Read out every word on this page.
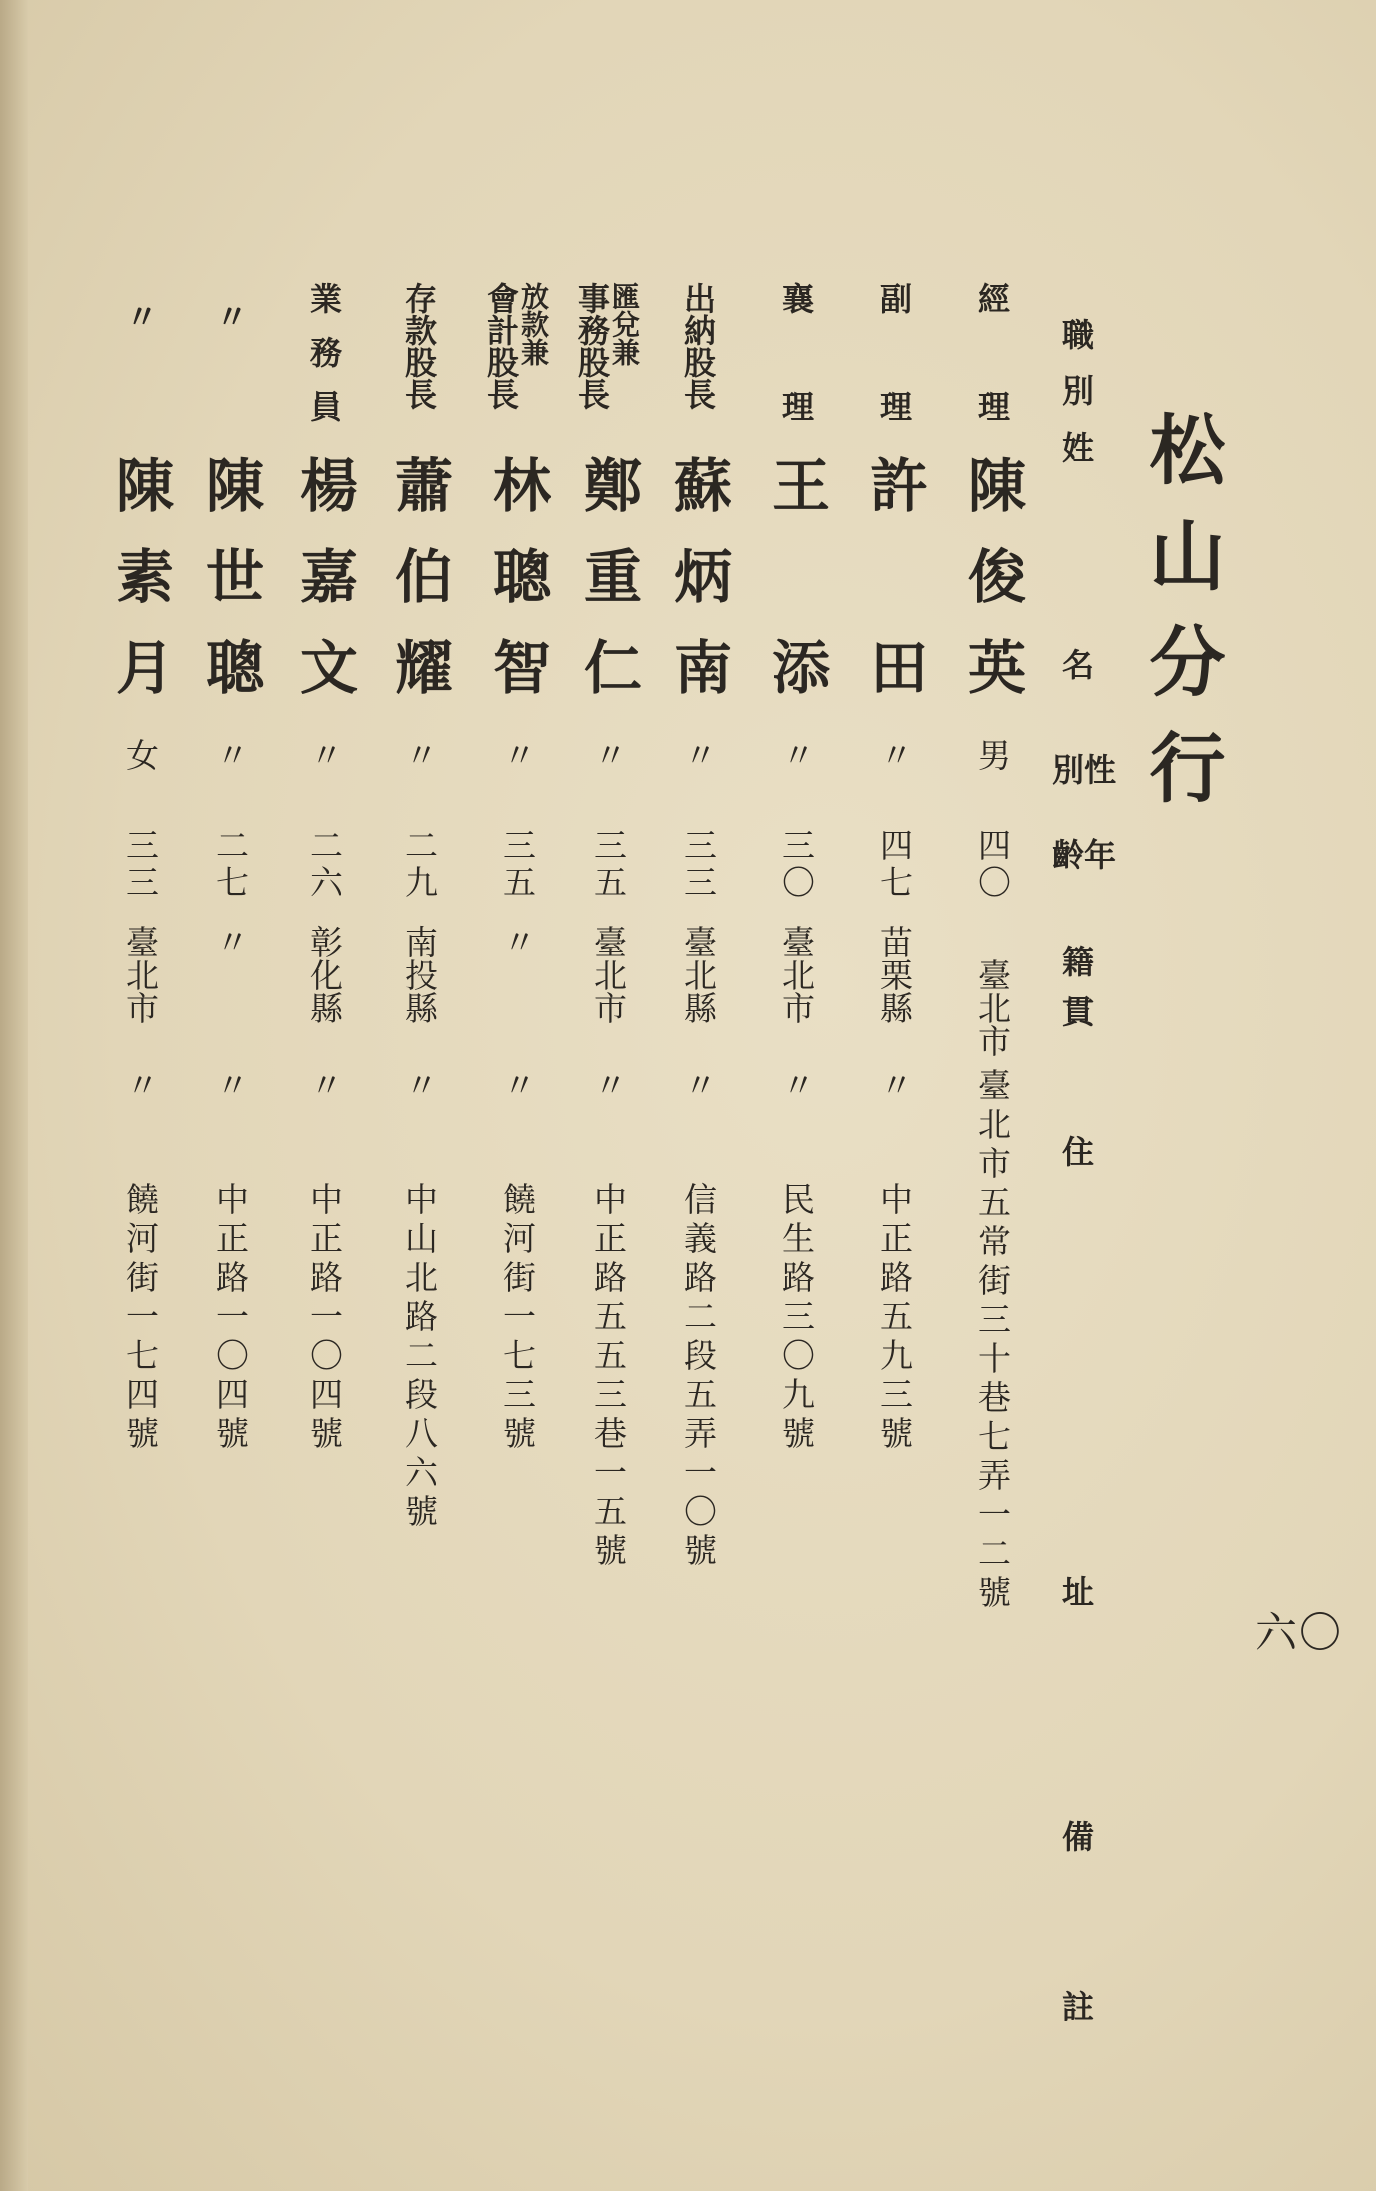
松山分行
職別
姓
名
性別
年齡
籍貫
住
址
備
註
經理
陳俊英
男
四〇
臺北市
臺北市五常街三十巷七弄一二號
副理
許田
〃
四七
苗栗縣
〃
中正路五九三號
襄理
王添
〃
三〇
臺北市
〃
民生路三〇九號
出納股長
蘇炳南
〃
三三
臺北縣
〃
信義路二段五弄一〇號
匯兌兼
事務股長
鄭重仁
〃
三五
臺北市
〃
中正路五五三巷一五號
放款兼
會計股長
林聰智
〃
三五
〃
〃
饒河街一七三號
存款股長
蕭伯耀
〃
二九
南投縣
〃
中山北路二段八六號
業務員
楊嘉文
〃
二六
彰化縣
〃
中正路一〇四號
〃
陳世聰
〃
二七
〃
〃
中正路一〇四號
〃
陳素月
女
三三
臺北市
〃
饒河街一七四號
六〇
